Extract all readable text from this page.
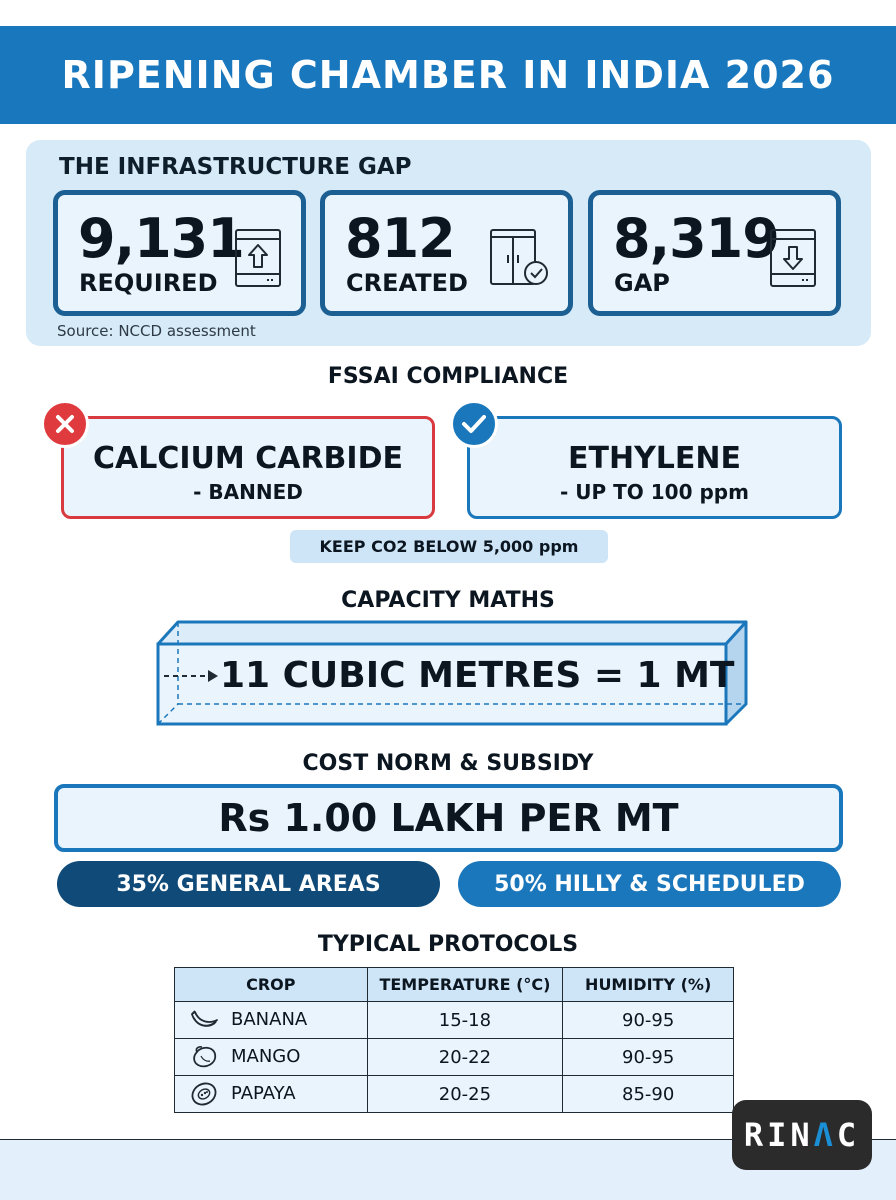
RIPENING CHAMBER IN INDIA 2026
THE INFRASTRUCTURE GAP
9,131
REQUIRED
812
CREATED
8,319
GAP
Source: NCCD assessment
FSSAI COMPLIANCE
CALCIUM CARBIDE
- BANNED
ETHYLENE
- UP TO 100 ppm
KEEP CO2 BELOW 5,000 ppm
CAPACITY MATHS
11 CUBIC METRES = 1 MT
COST NORM & SUBSIDY
Rs 1.00 LAKH PER MT
35% GENERAL AREAS	50% HILLY & SCHEDULED
TYPICAL PROTOCOLS
CROP	TEMPERATURE (°C)	HUMIDITY (%)
BANANA	15-18	90-95
MANGO	20-22	90-95
PAPAYA	20-25	85-90
RIN Λ C
